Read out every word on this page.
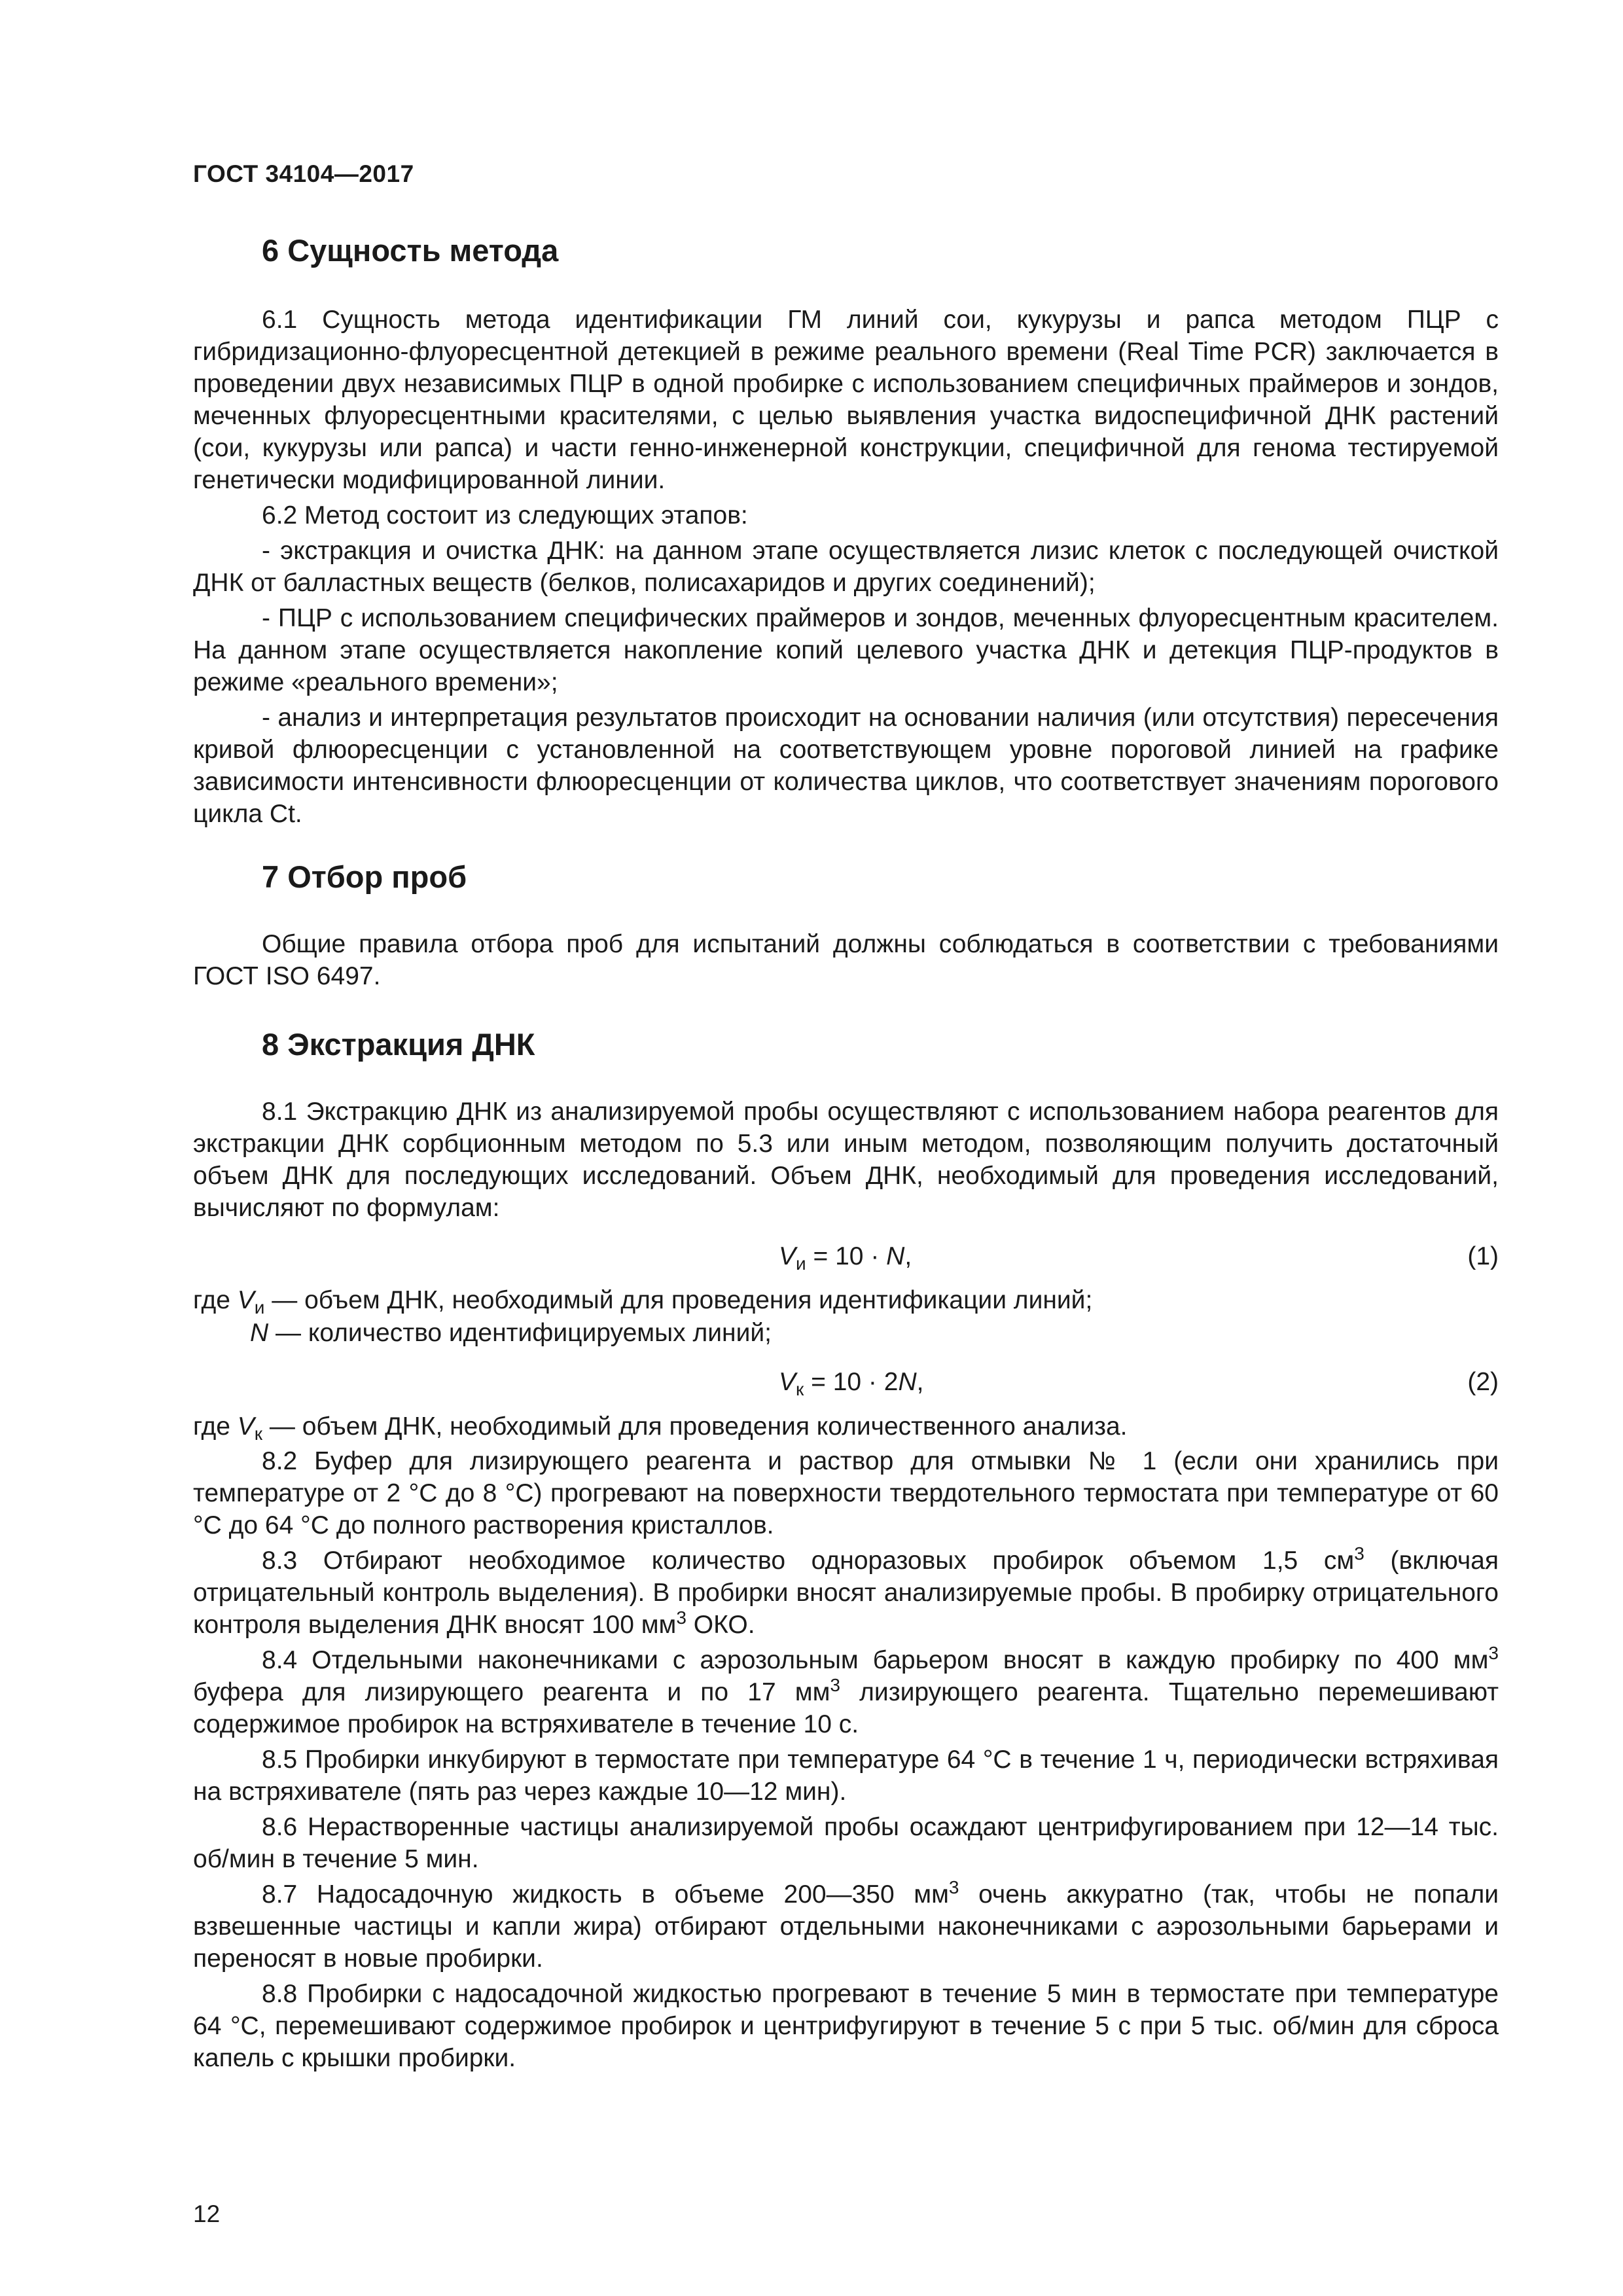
ГОСТ 34104—2017
6 Сущность метода

6.1 Сущность метода идентификации ГМ линий сои, кукурузы и рапса методом ПЦР с гибридизационно-флуоресцентной детекцией в режиме реального времени (Real Time PCR) заключается в проведении двух независимых ПЦР в одной пробирке с использованием специфичных праймеров и зондов, меченных флуоресцентными красителями, с целью выявления участка видоспецифичной ДНК растений (сои, кукурузы или рапса) и части генно-инженерной конструкции, специфичной для генома тестируемой генетически модифицированной линии.

6.2 Метод состоит из следующих этапов:

- экстракция и очистка ДНК: на данном этапе осуществляется лизис клеток с последующей очисткой ДНК от балластных веществ (белков, полисахаридов и других соединений);

- ПЦР с использованием специфических праймеров и зондов, меченных флуоресцентным красителем. На данном этапе осуществляется накопление копий целевого участка ДНК и детекция ПЦР-продуктов в режиме «реального времени»;

- анализ и интерпретация результатов происходит на основании наличия (или отсутствия) пересечения кривой флюоресценции с установленной на соответствующем уровне пороговой линией на графике зависимости интенсивности флюоресценции от количества циклов, что соответствует значениям порогового цикла Ct.

7 Отбор проб

Общие правила отбора проб для испытаний должны соблюдаться в соответствии с требованиями ГОСТ ISO 6497.

8 Экстракция ДНК

8.1 Экстракцию ДНК из анализируемой пробы осуществляют с использованием набора реагентов для экстракции ДНК сорбционным методом по 5.3 или иным методом, позволяющим получить достаточный объем ДНК для последующих исследований. Объем ДНК, необходимый для проведения исследований, вычисляют по формулам:

$V_и = 10 \cdot N$,	(1)
где $V_и$ — объем ДНК, необходимый для проведения идентификации линий;
N — количество идентифицируемых линий;
$V_к = 10 \cdot 2N$,	(2)
где $V_к$ — объем ДНК, необходимый для проведения количественного анализа.

8.2 Буфер для лизирующего реагента и раствор для отмывки № 1 (если они хранились при температуре от 2 °С до 8 °С) прогревают на поверхности твердотельного термостата при температуре от 60 °С до 64 °С до полного растворения кристаллов.

8.3 Отбирают необходимое количество одноразовых пробирок объемом 1,5 $см^3$ (включая отрицательный контроль выделения). В пробирки вносят анализируемые пробы. В пробирку отрицательного контроля выделения ДНК вносят 100 $мм^3$ ОКО.

8.4 Отдельными наконечниками с аэрозольным барьером вносят в каждую пробирку по 400 $мм^3$ буфера для лизирующего реагента и по 17 $мм^3$ лизирующего реагента. Тщательно перемешивают содержимое пробирок на встряхивателе в течение 10 с.

8.5 Пробирки инкубируют в термостате при температуре 64 °С в течение 1 ч, периодически встряхивая на встряхивателе (пять раз через каждые 10—12 мин).

8.6 Нерастворенные частицы анализируемой пробы осаждают центрифугированием при 12—14 тыс. об/мин в течение 5 мин.

8.7 Надосадочную жидкость в объеме 200—350 $мм^3$ очень аккуратно (так, чтобы не попали взвешенные частицы и капли жира) отбирают отдельными наконечниками с аэрозольными барьерами и переносят в новые пробирки.

8.8 Пробирки с надосадочной жидкостью прогревают в течение 5 мин в термостате при температуре 64 °С, перемешивают содержимое пробирок и центрифугируют в течение 5 с при 5 тыс. об/мин для сброса капель с крышки пробирки.

12
